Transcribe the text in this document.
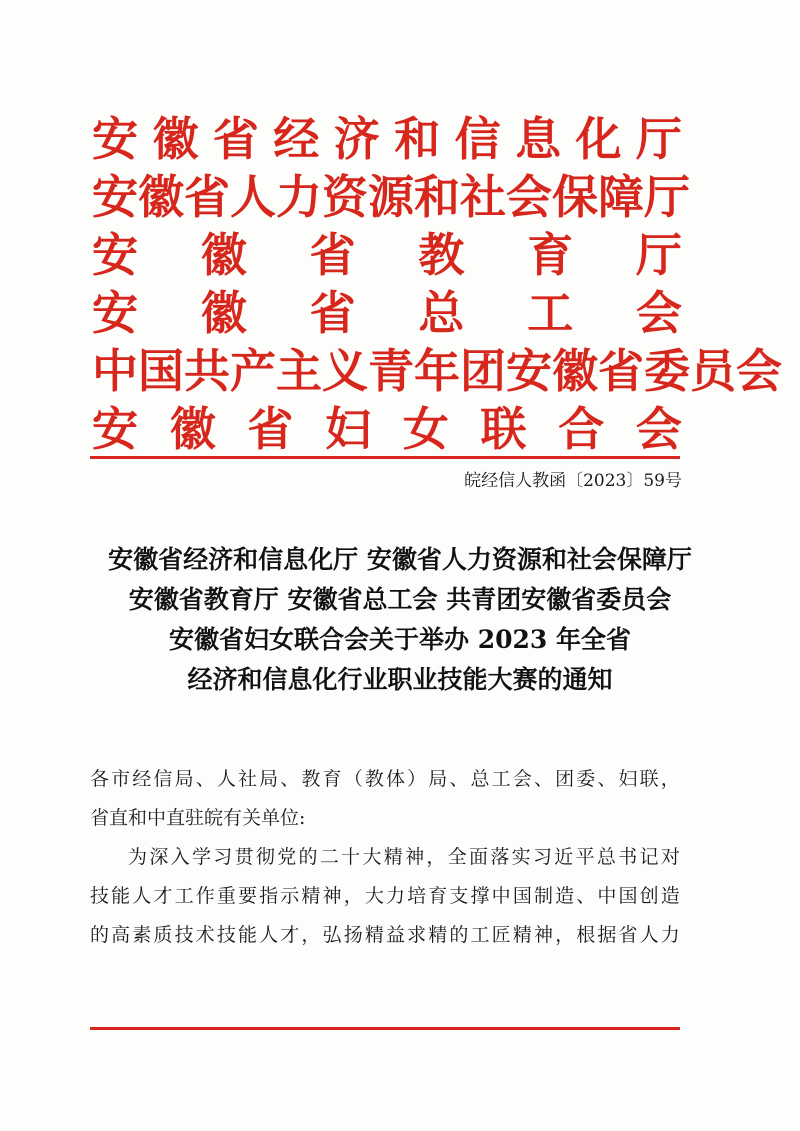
安 徽 省 经 济 和 信 息 化 厅
安 徽 省 人 力 资 源 和 社 会 保 障 厅
安 徽 省 教 育 厅
安 徽 省 总 工 会
中 国 共 产 主 义 青 年 团 安 徽 省 委 员 会
安 徽 省 妇 女 联 合 会
皖经信人教函〔2023〕59号
安徽省经济和信息化厅 安徽省人力资源和社会保障厅
安徽省教育厅 安徽省总工会 共青团安徽省委员会
安徽省妇女联合会关于举办 2023 年全省
经济和信息化行业职业技能大赛的通知
各 市 经 信 局 、 人 社 局 、 教 育 （ 教 体 ） 局 、 总 工 会 、 团 委 、 妇 联 ，
省直和中直驻皖有关单位:
为 深 入 学 习 贯 彻 党 的 二 十 大 精 神 ， 全 面 落 实 习 近 平 总 书 记 对
技 能 人 才 工 作 重 要 指 示 精 神 ， 大 力 培 育 支 撑 中 国 制 造 、 中 国 创 造
的 高 素 质 技 术 技 能 人 才 ， 弘 扬 精 益 求 精 的 工 匠 精 神 ， 根 据 省 人 力
